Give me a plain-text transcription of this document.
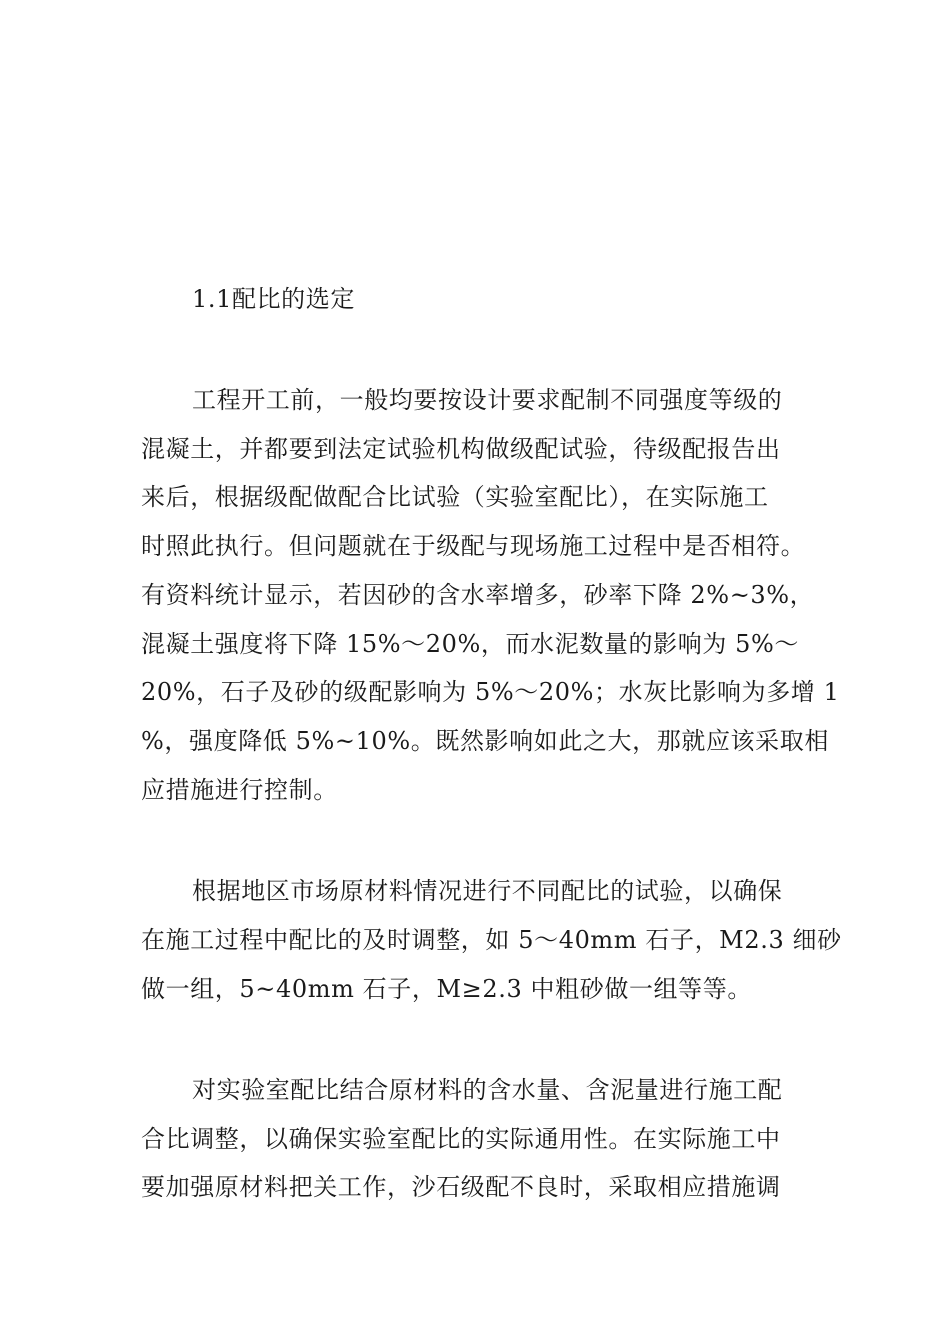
1.1配比的选定
工程开工前，一般均要按设计要求配制不同强度等级的
混凝土，并都要到法定试验机构做级配试验，待级配报告出
来后，根据级配做配合比试验（实验室配比），在实际施工
时照此执行。但问题就在于级配与现场施工过程中是否相符。
有资料统计显示，若因砂的含水率增多，砂率下降 2%~3%，
混凝土强度将下降 15%～20%，而水泥数量的影响为 5%～
20%，石子及砂的级配影响为 5%～20%；水灰比影响为多增 1
%，强度降低 5%~10%。既然影响如此之大，那就应该采取相
应措施进行控制。
根据地区市场原材料情况进行不同配比的试验，以确保
在施工过程中配比的及时调整，如 5～40mm 石子，M2.3 细砂
做一组，5~40mm 石子，M≥2.3 中粗砂做一组等等。
对实验室配比结合原材料的含水量、含泥量进行施工配
合比调整，以确保实验室配比的实际通用性。在实际施工中
要加强原材料把关工作，沙石级配不良时，采取相应措施调
